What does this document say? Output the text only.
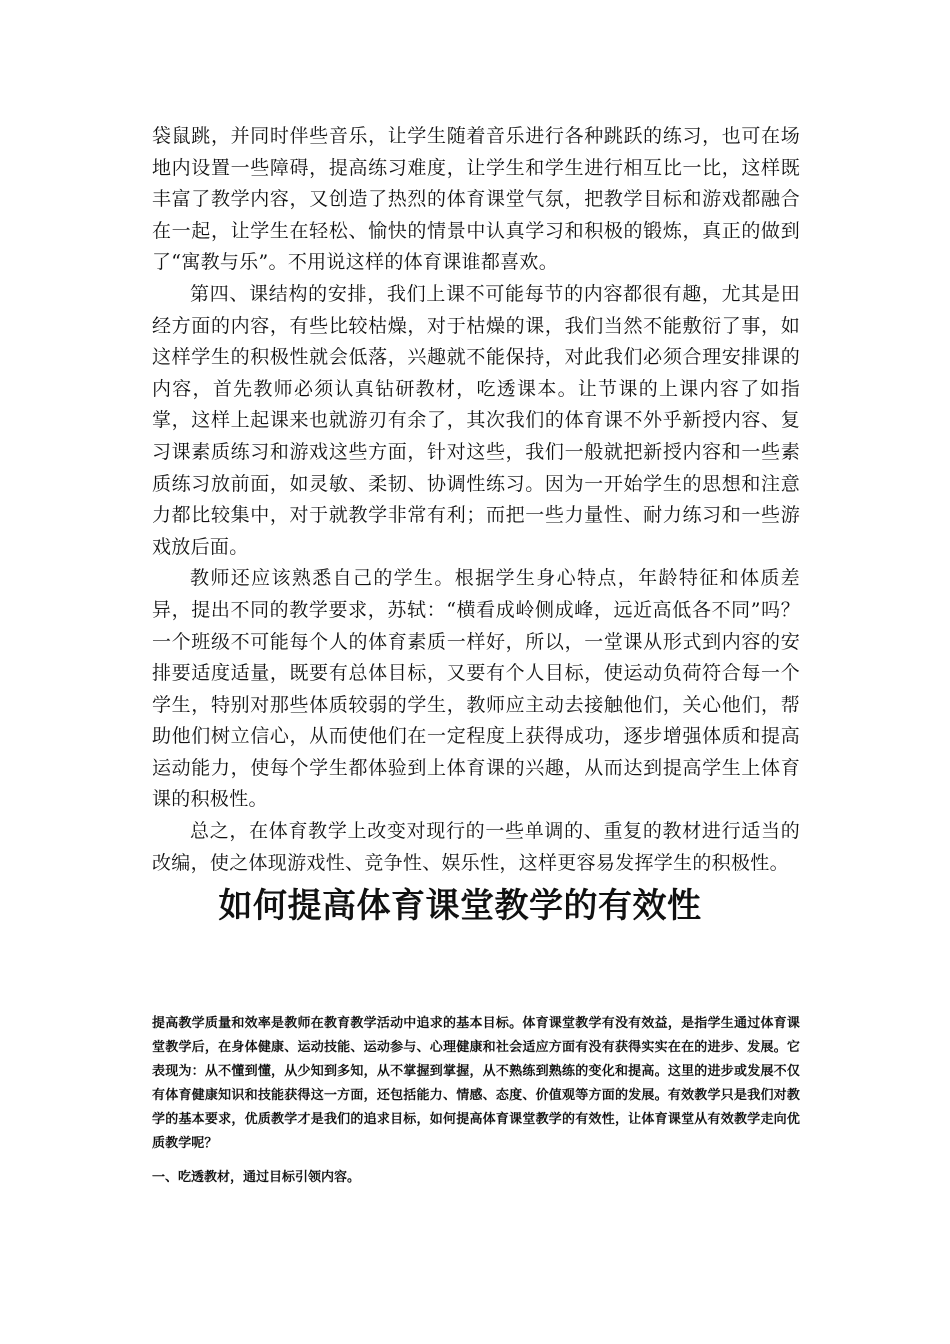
袋鼠跳，并同时伴些音乐，让学生随着音乐进行各种跳跃的练习，也可在场地内设置一些障碍，提高练习难度，让学生和学生进行相互比一比，这样既丰富了教学内容，又创造了热烈的体育课堂气氛，把教学目标和游戏都融合在一起，让学生在轻松、愉快的情景中认真学习和积极的锻炼，真正的做到了“寓教与乐”。不用说这样的体育课谁都喜欢。

第四、课结构的安排，我们上课不可能每节的内容都很有趣，尤其是田经方面的内容，有些比较枯燥，对于枯燥的课，我们当然不能敷衍了事，如这样学生的积极性就会低落，兴趣就不能保持，对此我们必须合理安排课的内容，首先教师必须认真钻研教材，吃透课本。让节课的上课内容了如指掌，这样上起课来也就游刃有余了，其次我们的体育课不外乎新授内容、复习课素质练习和游戏这些方面，针对这些，我们一般就把新授内容和一些素质练习放前面，如灵敏、柔韧、协调性练习。因为一开始学生的思想和注意力都比较集中，对于就教学非常有利；而把一些力量性、耐力练习和一些游戏放后面。

教师还应该熟悉自己的学生。根据学生身心特点，年龄特征和体质差异，提出不同的教学要求，苏轼：“横看成岭侧成峰，远近高低各不同”吗？一个班级不可能每个人的体育素质一样好，所以，一堂课从形式到内容的安排要适度适量，既要有总体目标，又要有个人目标，使运动负荷符合每一个学生，特别对那些体质较弱的学生，教师应主动去接触他们，关心他们，帮助他们树立信心，从而使他们在一定程度上获得成功，逐步增强体质和提高运动能力，使每个学生都体验到上体育课的兴趣，从而达到提高学生上体育课的积极性。

总之，在体育教学上改变对现行的一些单调的、重复的教材进行适当的改编，使之体现游戏性、竞争性、娱乐性，这样更容易发挥学生的积极性。

如何提高体育课堂教学的有效性

提高教学质量和效率是教师在教育教学活动中追求的基本目标。体育课堂教学有没有效益，是指学生通过体育课堂教学后，在身体健康、运动技能、运动参与、心理健康和社会适应方面有没有获得实实在在的进步、发展。它表现为：从不懂到懂，从少知到多知，从不掌握到掌握，从不熟练到熟练的变化和提高。这里的进步或发展不仅有体育健康知识和技能获得这一方面，还包括能力、情感、态度、价值观等方面的发展。有效教学只是我们对教学的基本要求，优质教学才是我们的追求目标，如何提高体育课堂教学的有效性，让体育课堂从有效教学走向优质教学呢？

一、吃透教材，通过目标引领内容。
